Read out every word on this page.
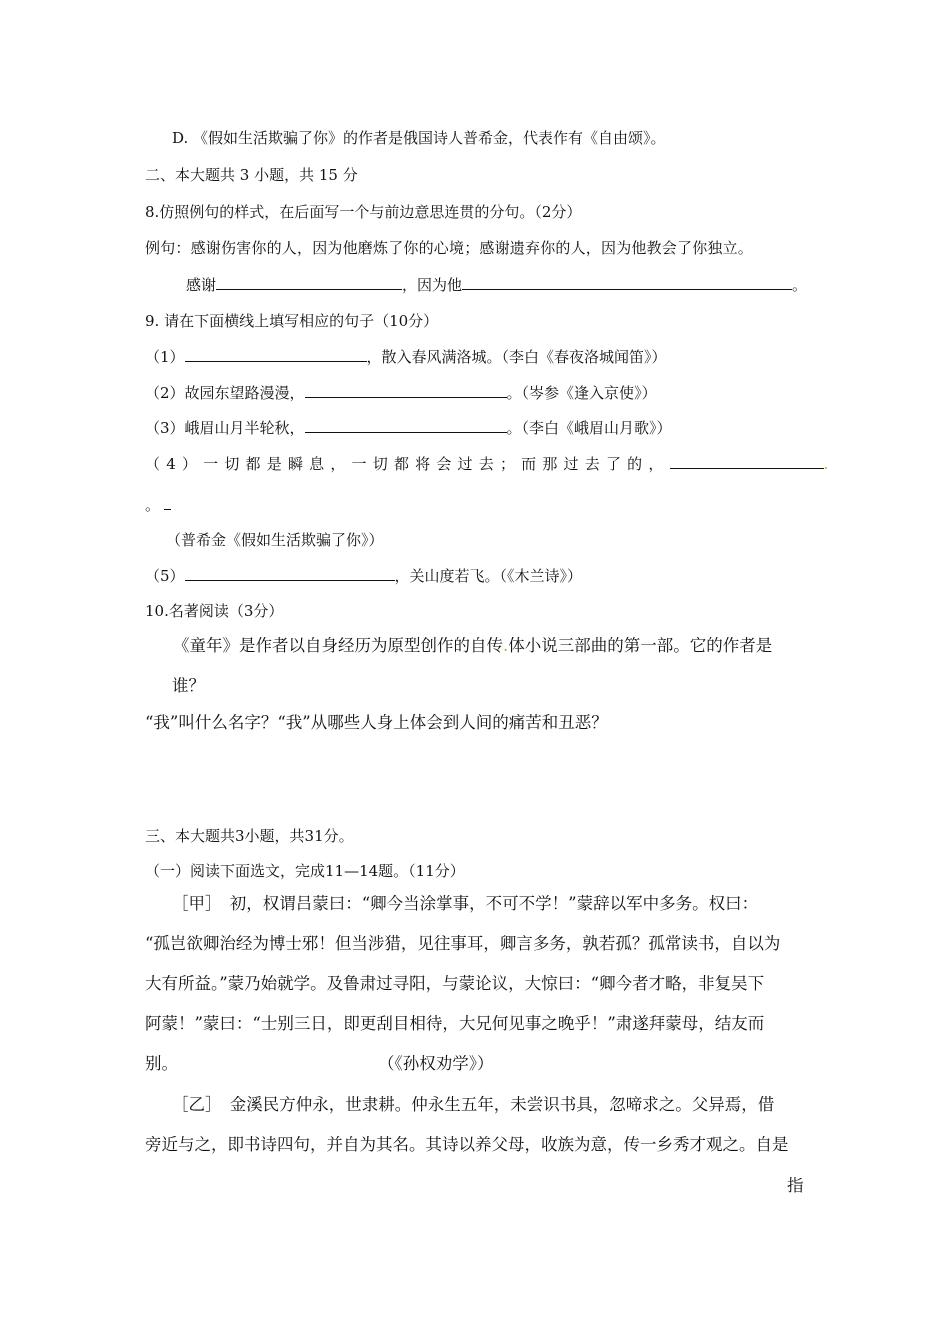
D. 《假如生活欺骗了你》的作者是俄国诗人普希金，代表作有《自由颂》。
二、本大题共 3 小题，共 15 分
8.仿照例句的样式，在后面写一个与前边意思连贯的分句。（2分）
例句：感谢伤害你的人，因为他磨炼了你的心境；感谢遗弃你的人，因为他教会了你独立。
感谢	，因为他	。
9. 请在下面横线上填写相应的句子（10分）
（1）	，散入春风满洛城。（李白《春夜洛城闻笛》）
（2）故园东望路漫漫，	。（岑参《逢入京使》）
（3）峨眉山月半轮秋，	。（李白《峨眉山月歌》）
（4）一切都是瞬息，一切都将会过去；而那过去了的，	.
。
（普希金《假如生活欺骗了你》）
（5）	，关山度若飞。（《木兰诗》）
10.名著阅读（3分）
《童年》是作者以自身经历为原型创作的自传.体小说三部曲的第一部。它的作者是
谁？
“我”叫什么名字？“我”从哪些人身上体会到人间的痛苦和丑恶？
三、本大题共3小题，共31分。
（一）阅读下面选文，完成11—14题。（11分）
［甲］　初，权谓吕蒙曰：“卿今当涂掌事，不可不学！”蒙辞以军中多务。权曰：
“孤岂欲卿治经为博士邪！但当涉猎，见往事耳，卿言多务，孰若孤？孤常读书，自以为
大有所益。”蒙乃始就学。及鲁肃过寻阳，与蒙论议，大惊曰：“卿今者才略，非复吴下
阿蒙！”蒙曰：“士别三日，即更刮目相待，大兄何见事之晚乎！”肃遂拜蒙母，结友而
别。	（《孙权劝学》）
［乙］　金溪民方仲永，世隶耕。仲永生五年，未尝识书具，忽啼求之。父异焉，借
旁近与之，即书诗四句，并自为其名。其诗以养父母，收族为意，传一乡秀才观之。自是
指
